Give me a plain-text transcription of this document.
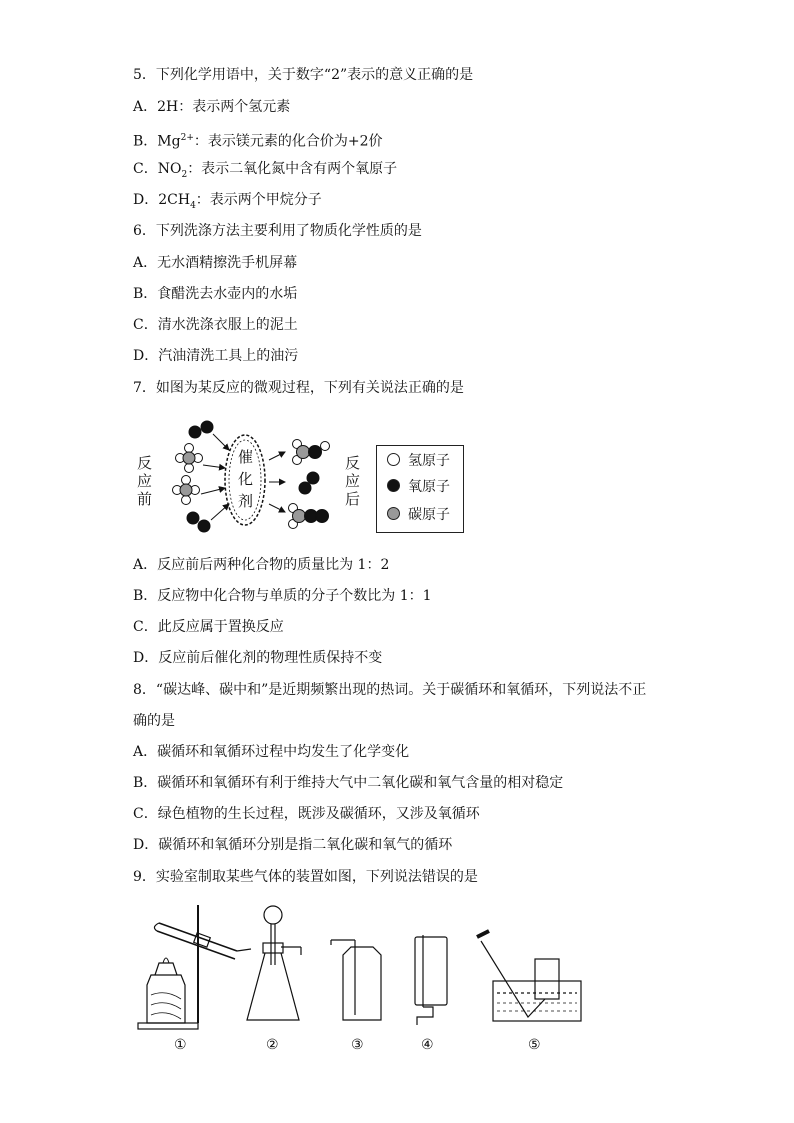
5．下列化学用语中，关于数字“2”表示的意义正确的是
A．2H：表示两个氢元素
B．$Mg^{2+}$：表示镁元素的化合价为+2价
C．$NO_2$：表示二氧化氮中含有两个氧原子
D．$2CH_4$：表示两个甲烷分子
6．下列洗涤方法主要利用了物质化学性质的是
A．无水酒精擦洗手机屏幕
B．食醋洗去水壶内的水垢
C．清水洗涤衣服上的泥土
D．汽油清洗工具上的油污
7．如图为某反应的微观过程，下列有关说法正确的是
反
应
前
催
化
剂
反
应
后
氢原子
氧原子
碳原子
A．反应前后两种化合物的质量比为 1：2
B．反应物中化合物与单质的分子个数比为 1：1
C．此反应属于置换反应
D．反应前后催化剂的物理性质保持不变
8．“碳达峰、碳中和”是近期频繁出现的热词。关于碳循环和氧循环，下列说法不正
确的是
A．碳循环和氧循环过程中均发生了化学变化
B．碳循环和氧循环有利于维持大气中二氧化碳和氧气含量的相对稳定
C．绿色植物的生长过程，既涉及碳循环，又涉及氧循环
D．碳循环和氧循环分别是指二氧化碳和氧气的循环
9．实验室制取某些气体的装置如图，下列说法错误的是
①	②	③	④	⑤
